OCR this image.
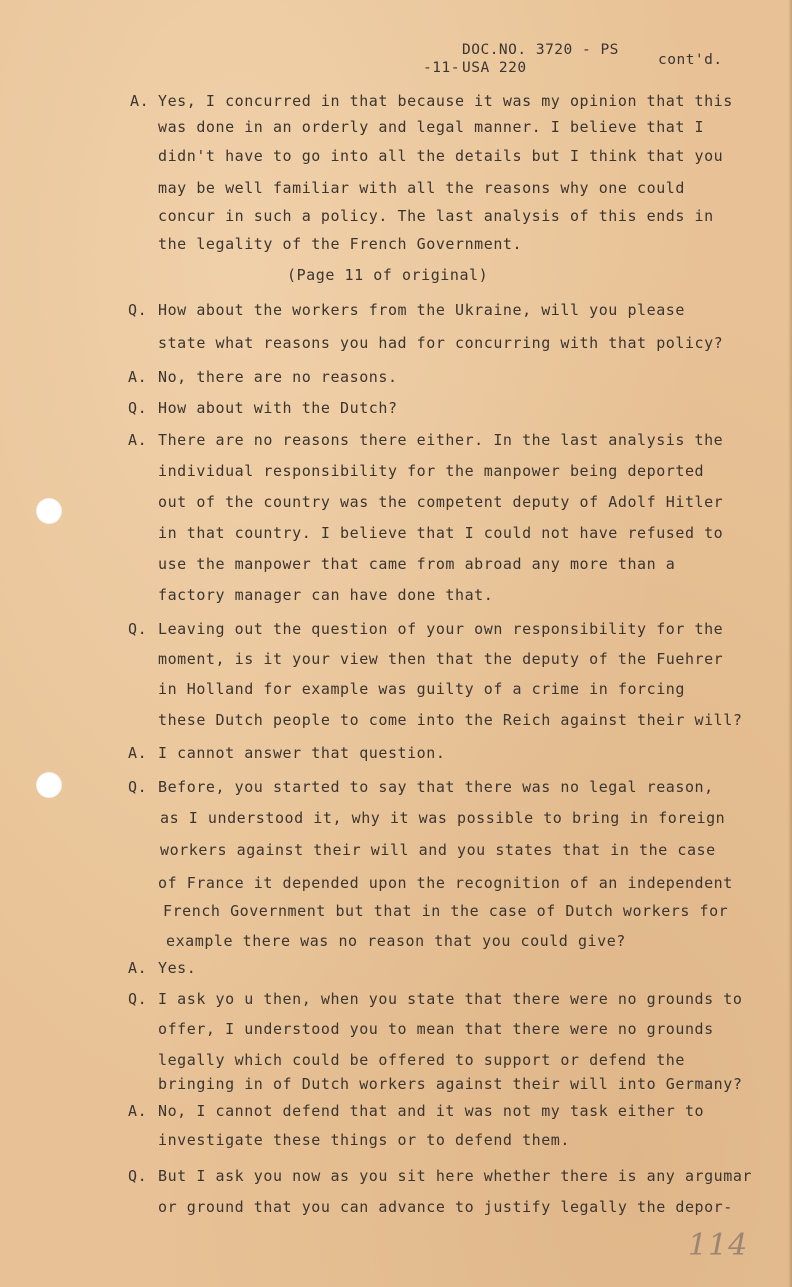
DOC.NO. 3720 - PS
-11- USA 220	cont'd.
A. Yes, I concurred in that because it was my opinion that this
was done in an orderly and legal manner. I believe that I
didn't have to go into all the details but I think that you
may be well familiar with all the reasons why one could
concur in such a policy. The last analysis of this ends in
the legality of the French Government.
(Page 11 of original)
Q. How about the workers from the Ukraine, will you please
state what reasons you had for concurring with that policy?
A. No, there are no reasons.
Q. How about with the Dutch?
A. There are no reasons there either. In the last analysis the
individual responsibility for the manpower being deported
out of the country was the competent deputy of Adolf Hitler
in that country. I believe that I could not have refused to
use the manpower that came from abroad any more than a
factory manager can have done that.
Q. Leaving out the question of your own responsibility for the
moment, is it your view then that the deputy of the Fuehrer
in Holland for example was guilty of a crime in forcing
these Dutch people to come into the Reich against their will?
A. I cannot answer that question.
Q. Before, you started to say that there was no legal reason,
as I understood it, why it was possible to bring in foreign
workers against their will and you states that in the case
of France it depended upon the recognition of an independent
French Government but that in the case of Dutch workers for
example there was no reason that you could give?
A. Yes.
Q. I ask yo u then, when you state that there were no grounds to
offer, I understood you to mean that there were no grounds
legally which could be offered to support or defend the
bringing in of Dutch workers against their will into Germany?
A. No, I cannot defend that and it was not my task either to
investigate these things or to defend them.
Q. But I ask you now as you sit here whether there is any argumar
or ground that you can advance to justify legally the depor-
114
